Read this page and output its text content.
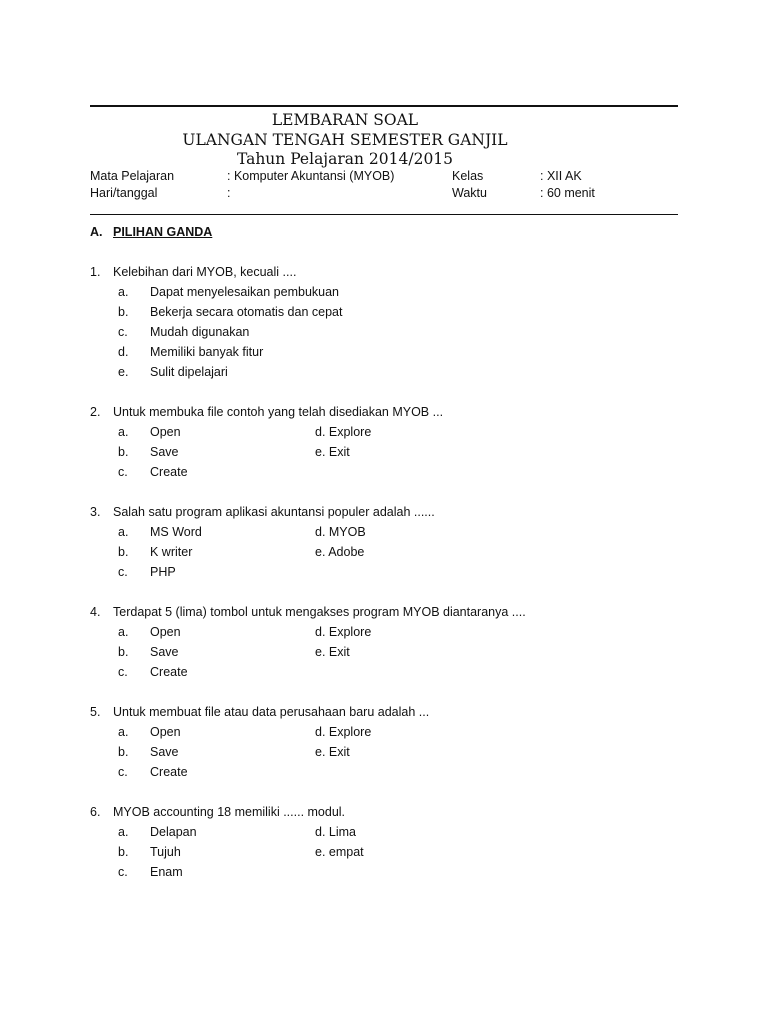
LEMBARAN SOAL
ULANGAN TENGAH SEMESTER GANJIL
Tahun Pelajaran 2014/2015
Mata Pelajaran	: Komputer Akuntansi (MYOB)	Kelas	: XII AK
Hari/tanggal	:	Waktu	: 60 menit
A. PILIHAN GANDA
1. Kelebihan dari MYOB, kecuali ....
a. Dapat menyelesaikan pembukuan
b. Bekerja secara otomatis dan cepat
c. Mudah digunakan
d. Memiliki banyak fitur
e. Sulit dipelajari
2. Untuk membuka file contoh yang telah disediakan MYOB ...
a. Open	d. Explore
b. Save	e. Exit
c. Create
3. Salah satu program aplikasi akuntansi populer adalah ......
a. MS Word	d. MYOB
b. K writer	e. Adobe
c. PHP
4. Terdapat 5 (lima) tombol untuk mengakses program MYOB diantaranya ....
a. Open	d. Explore
b. Save	e. Exit
c. Create
5. Untuk membuat file atau data perusahaan baru adalah ...
a. Open	d. Explore
b. Save	e. Exit
c. Create
6. MYOB accounting 18 memiliki ...... modul.
a. Delapan	d. Lima
b. Tujuh	e. empat
c. Enam
